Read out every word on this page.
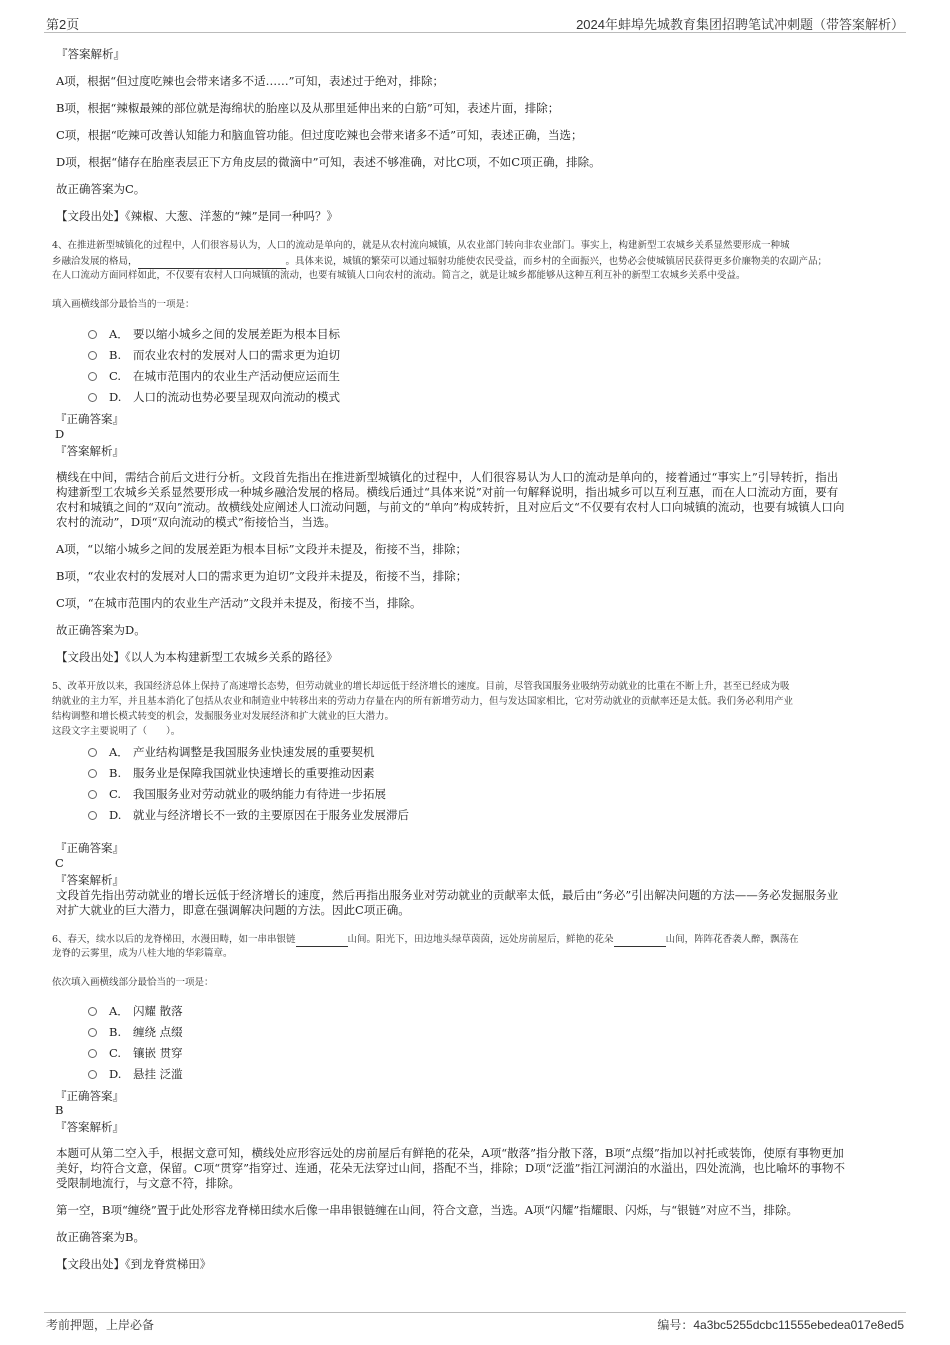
第2页	2024年蚌埠先城教育集团招聘笔试冲刺题（带答案解析）
『答案解析』
A项，根据“但过度吃辣也会带来诸多不适……”可知，表述过于绝对，排除；
B项，根据“辣椒最辣的部位就是海绵状的胎座以及从那里延伸出来的白筋”可知，表述片面，排除；
C项，根据“吃辣可改善认知能力和脑血管功能。但过度吃辣也会带来诸多不适”可知，表述正确，当选；
D项，根据“储存在胎座表层正下方角皮层的微滴中”可知，表述不够准确，对比C项，不如C项正确，排除。
故正确答案为C。
【文段出处】《辣椒、大葱、洋葱的“辣”是同一种吗？》
4、在推进新型城镇化的过程中，人们很容易认为，人口的流动是单向的，就是从农村流向城镇，从农业部门转向非农业部门。事实上，构建新型工农城乡关系显然要形成一种城
乡融洽发展的格局，	。具体来说，城镇的繁荣可以通过辐射功能使农民受益，而乡村的全面振兴，也势必会使城镇居民获得更多价廉物美的农副产品；
在人口流动方面同样如此，不仅要有农村人口向城镇的流动，也要有城镇人口向农村的流动。简言之，就是让城乡都能够从这种互利互补的新型工农城乡关系中受益。
填入画横线部分最恰当的一项是：
A． 要以缩小城乡之间的发展差距为根本目标
B.	而农业农村的发展对人口的需求更为迫切
C.	在城市范围内的农业生产活动便应运而生
D.	人口的流动也势必要呈现双向流动的模式
『正确答案』
D
『答案解析』
横线在中间，需结合前后文进行分析。文段首先指出在推进新型城镇化的过程中，人们很容易认为人口的流动是单向的，接着通过“事实上”引导转折，指出
构建新型工农城乡关系显然要形成一种城乡融洽发展的格局。横线后通过“具体来说”对前一句解释说明，指出城乡可以互利互惠，而在人口流动方面，要有
农村和城镇之间的“双向”流动。故横线处应阐述人口流动问题，与前文的“单向”构成转折，且对应后文“不仅要有农村人口向城镇的流动，也要有城镇人口向
农村的流动”，D项“双向流动的模式”衔接恰当，当选。
A项，“以缩小城乡之间的发展差距为根本目标”文段并未提及，衔接不当，排除；
B项，“农业农村的发展对人口的需求更为迫切”文段并未提及，衔接不当，排除；
C项，“在城市范围内的农业生产活动”文段并未提及，衔接不当，排除。
故正确答案为D。
【文段出处】《以人为本构建新型工农城乡关系的路径》
5、改革开放以来，我国经济总体上保持了高速增长态势，但劳动就业的增长却远低于经济增长的速度。目前，尽管我国服务业吸纳劳动就业的比重在不断上升，甚至已经成为吸
纳就业的主力军，并且基本消化了包括从农业和制造业中转移出来的劳动力存量在内的所有新增劳动力，但与发达国家相比，它对劳动就业的贡献率还是太低。我们务必利用产业
结构调整和增长模式转变的机会，发掘服务业对发展经济和扩大就业的巨大潜力。
这段文字主要说明了（　　）。
A． 产业结构调整是我国服务业快速发展的重要契机
B.	服务业是保障我国就业快速增长的重要推动因素
C.	我国服务业对劳动就业的吸纳能力有待进一步拓展
D.	就业与经济增长不一致的主要原因在于服务业发展滞后
『正确答案』
C
『答案解析』
文段首先指出劳动就业的增长远低于经济增长的速度，然后再指出服务业对劳动就业的贡献率太低，最后由“务必”引出解决问题的方法——务必发掘服务业
对扩大就业的巨大潜力，即意在强调解决问题的方法。因此C项正确。
6、春天，续水以后的龙脊梯田，水漫田畴，如一串串银链	山间。阳光下，田边地头绿草茵茵，远处房前屋后，鲜艳的花朵	山间，阵阵花香袭人醉，飘荡在
龙脊的云雾里，成为八桂大地的华彩篇章。
依次填入画横线部分最恰当的一项是：
A． 闪耀 散落
B.	缠绕 点缀
C.	镶嵌 贯穿
D.	悬挂 泛滥
『正确答案』
B
『答案解析』
本题可从第二空入手，根据文意可知，横线处应形容远处的房前屋后有鲜艳的花朵，A项“散落”指分散下落，B项“点缀”指加以衬托或装饰，使原有事物更加
美好，均符合文意，保留。C项“贯穿”指穿过、连通，花朵无法穿过山间，搭配不当，排除；D项“泛滥”指江河湖泊的水溢出，四处流淌，也比喻坏的事物不
受限制地流行，与文意不符，排除。
第一空，B项“缠绕”置于此处形容龙脊梯田续水后像一串串银链缠在山间，符合文意，当选。A项“闪耀”指耀眼、闪烁，与“银链”对应不当，排除。
故正确答案为B。
【文段出处】《到龙脊赏梯田》
考前押题，上岸必备	编号：4a3bc5255dcbc11555ebedea017e8ed5
